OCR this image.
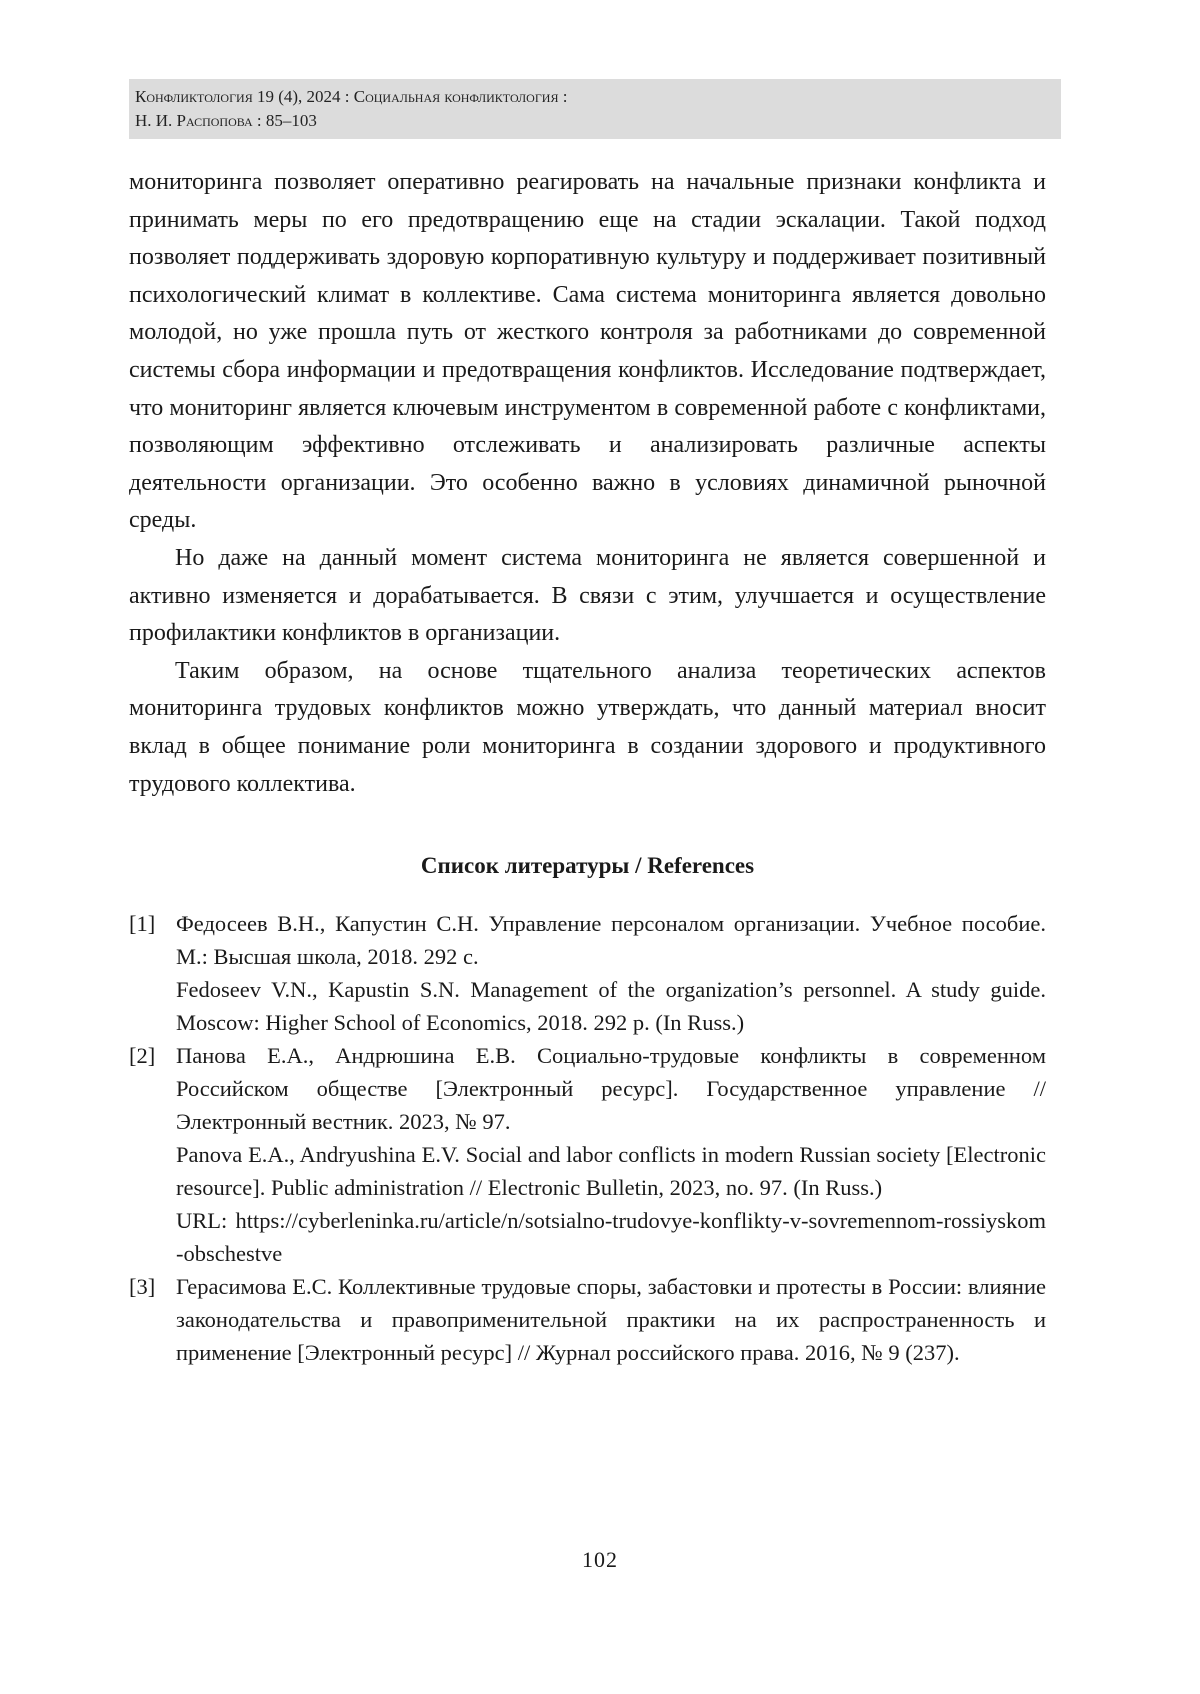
Конфликтология 19 (4), 2024 : Социальная конфликтология :
Н. И. Распопова : 85–103

мониторинга позволяет оперативно реагировать на начальные признаки конфликта и принимать меры по его предотвращению еще на стадии эскалации. Такой подход позволяет поддерживать здоровую корпоративную культуру и поддерживает позитивный психологический климат в коллективе. Сама система мониторинга является довольно молодой, но уже прошла путь от жесткого контроля за работниками до современной системы сбора информации и предотвращения конфликтов. Исследование подтверждает, что мониторинг является ключевым инструментом в современной работе с конфликтами, позволяющим эффективно отслеживать и анализировать различные аспекты деятельности организации. Это особенно важно в условиях динамичной рыночной среды.

Но даже на данный момент система мониторинга не является совершенной и активно изменяется и дорабатывается. В связи с этим, улучшается и осуществление профилактики конфликтов в организации.

Таким образом, на основе тщательного анализа теоретических аспектов мониторинга трудовых конфликтов можно утверждать, что данный материал вносит вклад в общее понимание роли мониторинга в создании здорового и продуктивного трудового коллектива.

Список литературы / References
[1] Федосеев В.Н., Капустин С.Н. Управление персоналом организации. Учебное пособие. М.: Высшая школа, 2018. 292 с.
Fedoseev V.N., Kapustin S.N. Management of the organization’s personnel. A study guide. Moscow: Higher School of Economics, 2018. 292 p. (In Russ.)
[2] Панова Е.А., Андрюшина Е.В. Социально-трудовые конфликты в современном Российском обществе [Электронный ресурс]. Государственное управление // Электронный вестник. 2023, № 97.
Panova E.A., Andryushina E.V. Social and labor conflicts in modern Russian society [Electronic resource]. Public administration // Electronic Bulletin, 2023, no. 97. (In Russ.)
URL: https://cyberleninka.ru/article/n/sotsialno-trudovye-konflikty-v-sovremennom-rossiyskom-obschestve
[3] Герасимова Е.С. Коллективные трудовые споры, забастовки и протесты в России: влияние законодательства и правоприменительной практики на их распространенность и применение [Электронный ресурс] // Журнал российского права. 2016, № 9 (237).
102
